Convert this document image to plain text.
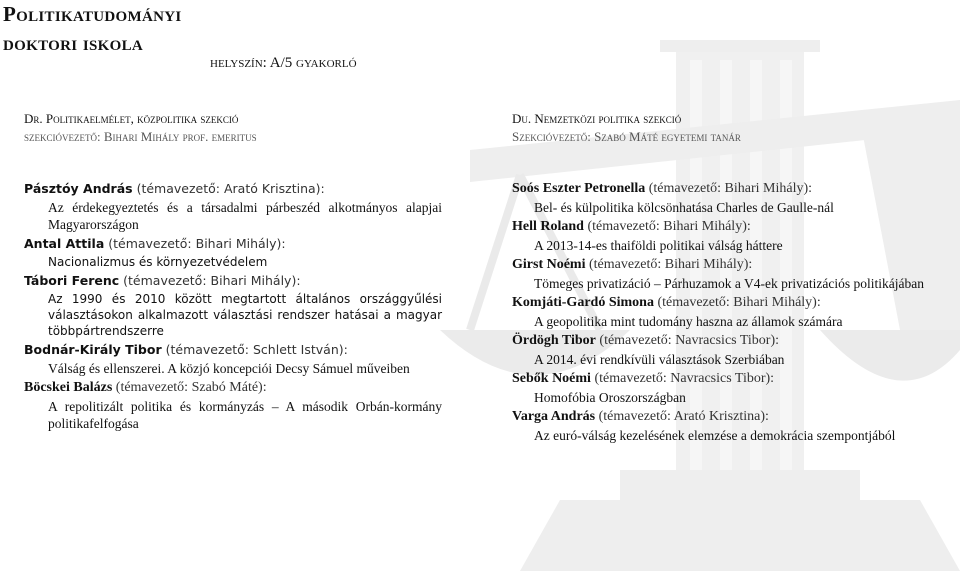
Politikatudományi
doktori iskola
helyszín: A/5 gyakorló
Dr. Politikaelmélet, közpolitika szekció
szekcióvezető: Bihari Mihály prof. emeritus
Pásztóy András (témavezető: Arató Krisztina):
Az érdekegyeztetés és a társadalmi párbeszéd alkotmányos alapjai Magyarországon
Antal Attila (témavezető: Bihari Mihály):
Nacionalizmus és környezetvédelem
Tábori Ferenc (témavezető: Bihari Mihály):
Az 1990 és 2010 között megtartott általános országgyűlési választásokon alkalmazott választási rendszer hatásai a magyar többpártrendszerre
Bodnár-Király Tibor (témavezető: Schlett István):
Válság és ellenszerei. A közjó koncepciói Decsy Sámuel műveiben
Böcskei Balázs (témavezető: Szabó Máté):
A repolitizált politika és kormányzás – A második Orbán-kormány politikafelfogása
Du. Nemzetközi politika szekció
Szekcióvezető: Szabó Máté egyetemi tanár
Soós Eszter Petronella (témavezető: Bihari Mihály):
Bel- és külpolitika kölcsönhatása Charles de Gaulle-nál
Hell Roland (témavezető: Bihari Mihály):
A 2013-14-es thaiföldi politikai válság háttere
Girst Noémi (témavezető: Bihari Mihály):
Tömeges privatizáció – Párhuzamok a V4-ek privatizációs politikájában
Komjáti-Gardó Simona (témavezető: Bihari Mihály):
A geopolitika mint tudomány haszna az államok számára
Ördögh Tibor (témavezető: Navracsics Tibor):
A 2014. évi rendkívüli választások Szerbiában
Sebők Noémi (témavezető: Navracsics Tibor):
Homofóbia Oroszországban
Varga András (témavezető: Arató Krisztina):
Az euró-válság kezelésének elemzése a demokrácia szempontjából
